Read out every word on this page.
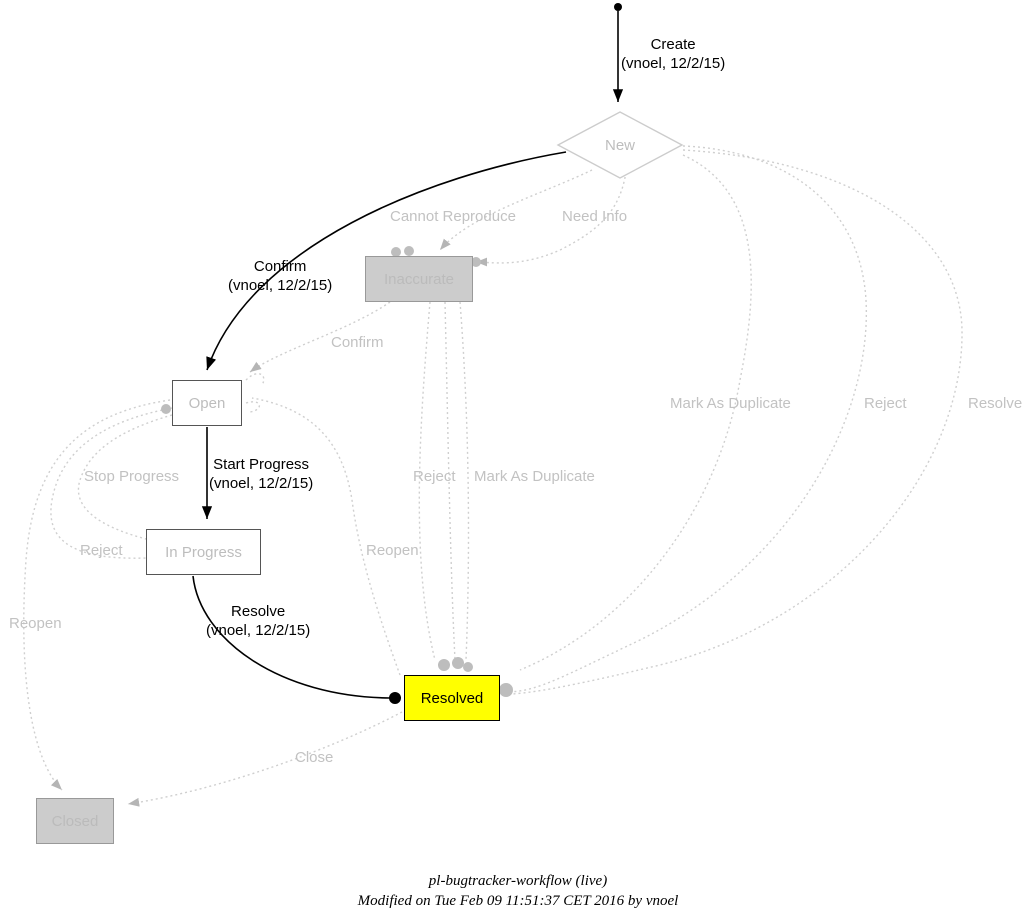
New
Inaccurate
Open
In Progress
Resolved
Closed
Create
(vnoel, 12/2/15)
Cannot Reproduce	Need Info
Confirm
(vnoel, 12/2/15)
Confirm
Mark As Duplicate	Reject	Resolve
Start Progress
(vnoel, 12/2/15)
Stop Progress	Reject Mark As Duplicate
Reject	Reopen
Resolve
(vnoel, 12/2/15)
Reopen
Close
pl-bugtracker-workflow (live)
Modified on Tue Feb 09 11:51:37 CET 2016 by vnoel
